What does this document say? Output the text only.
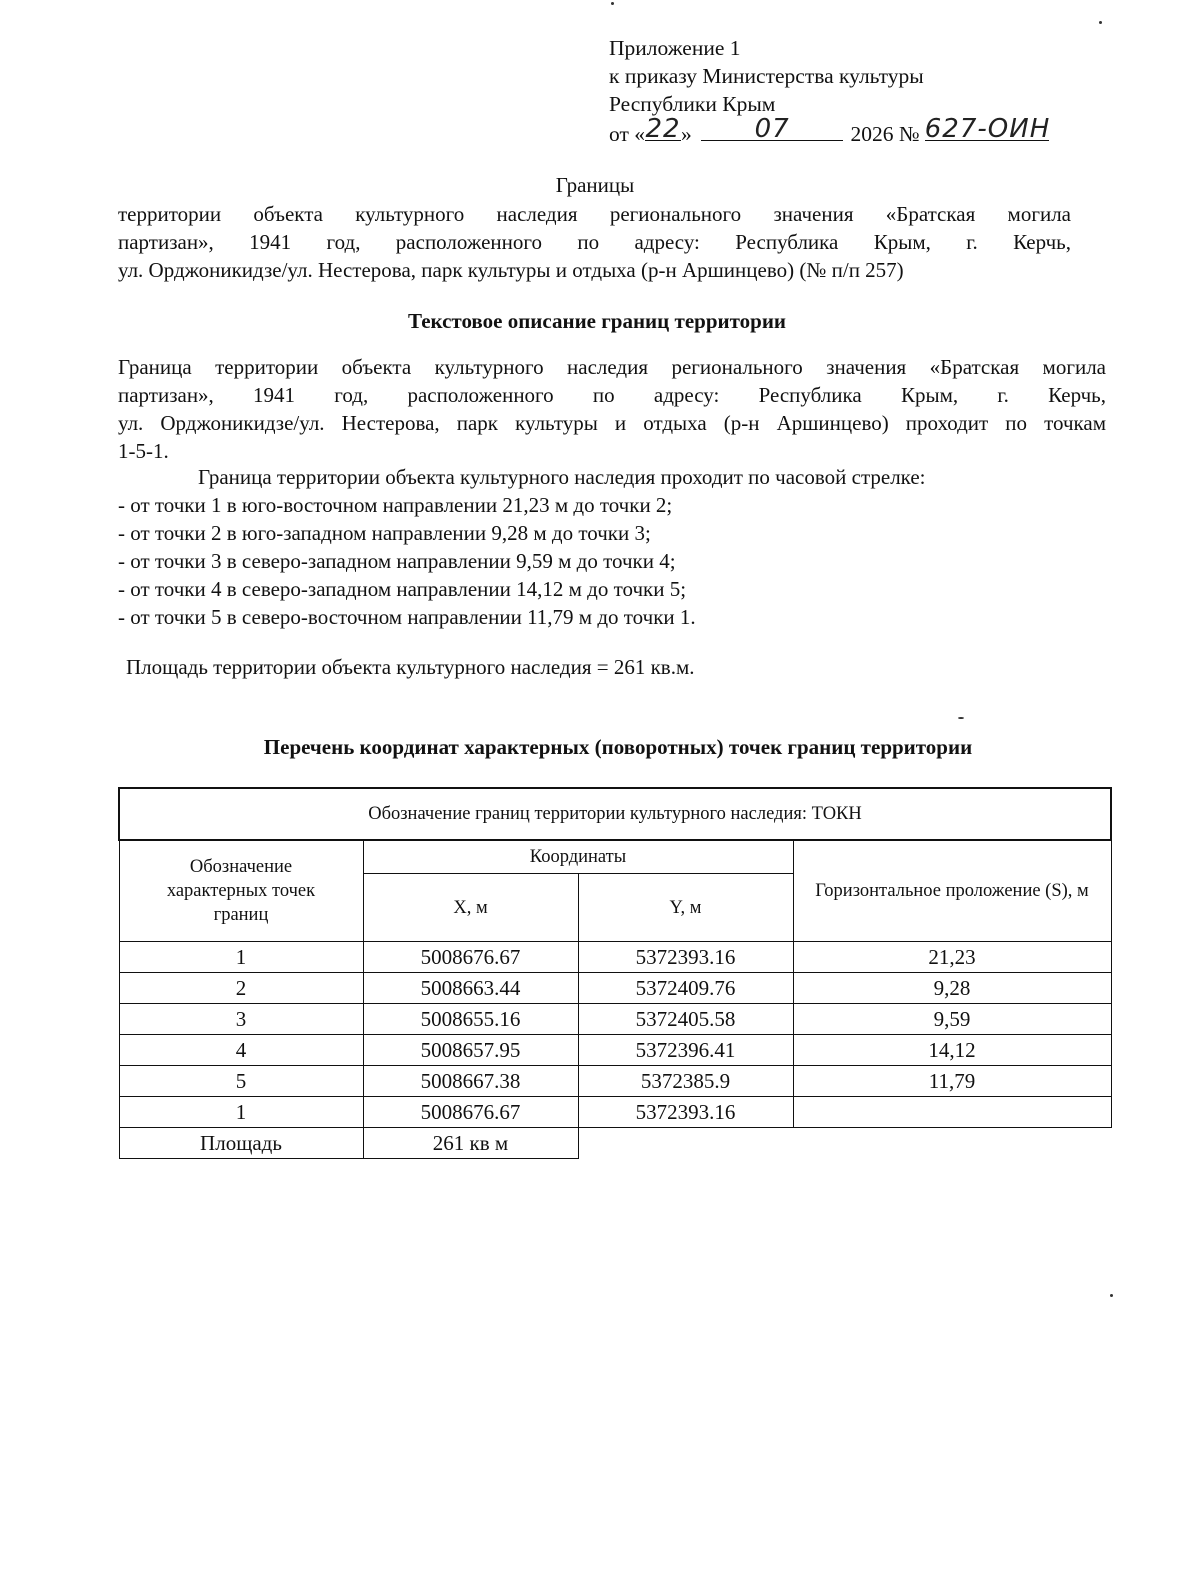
Приложение 1
к приказу Министерства культуры
Республики Крым
от « 22 »	07	2026 № 627-ОИН
Границы
территории объекта культурного наследия регионального значения «Братская могила
партизан», 1941 год, расположенного по адресу: Республика Крым, г. Керчь,
ул. Орджоникидзе/ул. Нестерова, парк культуры и отдыха (р-н Аршинцево) (№ п/п 257)
Текстовое описание границ территории
Граница территории объекта культурного наследия регионального значения «Братская могила
партизан», 1941 год, расположенного по адресу: Республика Крым, г. Керчь,
ул. Орджоникидзе/ул. Нестерова, парк культуры и отдыха (р-н Аршинцево) проходит по точкам
1-5-1.
Граница территории объекта культурного наследия проходит по часовой стрелке:
- от точки 1 в юго-восточном направлении 21,23 м до точки 2;
- от точки 2 в юго-западном направлении 9,28 м до точки 3;
- от точки 3 в северо-западном направлении 9,59 м до точки 4;
- от точки 4 в северо-западном направлении 14,12 м до точки 5;
- от точки 5 в северо-восточном направлении 11,79 м до точки 1.
Площадь территории объекта культурного наследия = 261 кв.м.
Перечень координат характерных (поворотных) точек границ территории
Обозначение границ территории культурного наследия: ТОКН			
Обозначение характерных точек границ	Координаты		Горизонтальное проложение (S), м
	X, м	Y, м	
1	5008676.67	5372393.16	21,23
2	5008663.44	5372409.76	9,28
3	5008655.16	5372405.58	9,59
4	5008657.95	5372396.41	14,12
5	5008667.38	5372385.9	11,79
1	5008676.67	5372393.16	
Площадь	261 кв м		
